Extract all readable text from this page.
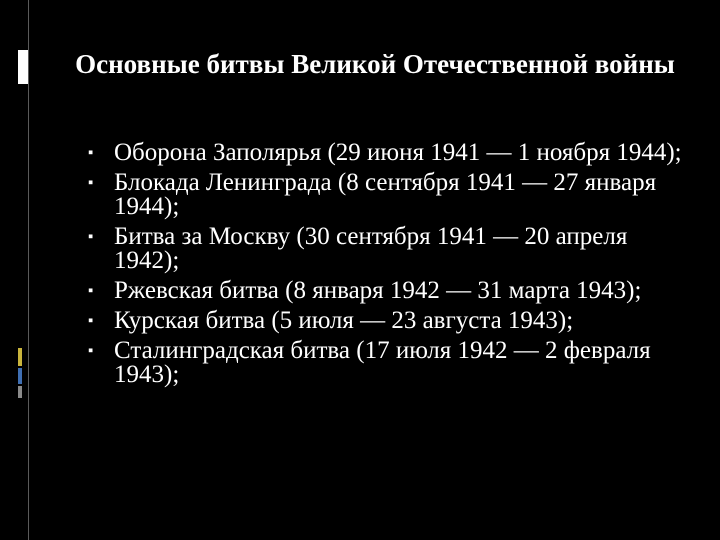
Основные битвы Великой Отечественной войны
▪ Оборона Заполярья (29 июня 1941 — 1 ноября 1944);
▪ Блокада Ленинграда (8 сентября 1941 — 27 января 1944);
▪ Битва за Москву (30 сентября 1941 — 20 апреля 1942);
▪ Ржевская битва (8 января 1942 — 31 марта 1943);
▪ Курская битва (5 июля — 23 августа 1943);
▪ Сталинградская битва (17 июля 1942 — 2 февраля 1943);
